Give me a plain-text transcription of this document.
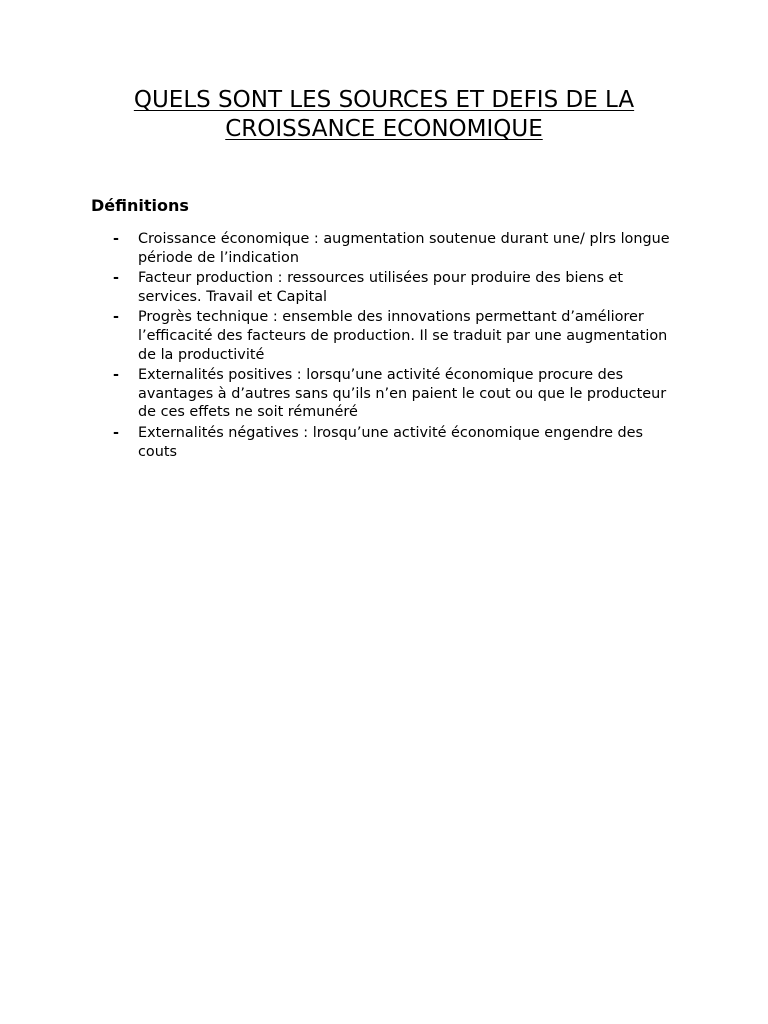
QUELS SONT LES SOURCES ET DEFIS DE LA CROISSANCE ECONOMIQUE
Définitions
- Croissance économique : augmentation soutenue durant une/ plrs longue période de l’indication
- Facteur production : ressources utilisées pour produire des biens et services. Travail et Capital
- Progrès technique : ensemble des innovations permettant d’améliorer l’efficacité des facteurs de production. Il se traduit par une augmentation de la productivité
- Externalités positives : lorsqu’une activité économique procure des avantages à d’autres sans qu’ils n’en paient le cout ou que le producteur de ces effets ne soit rémunéré
- Externalités négatives : lrosqu’une activité économique engendre des couts
